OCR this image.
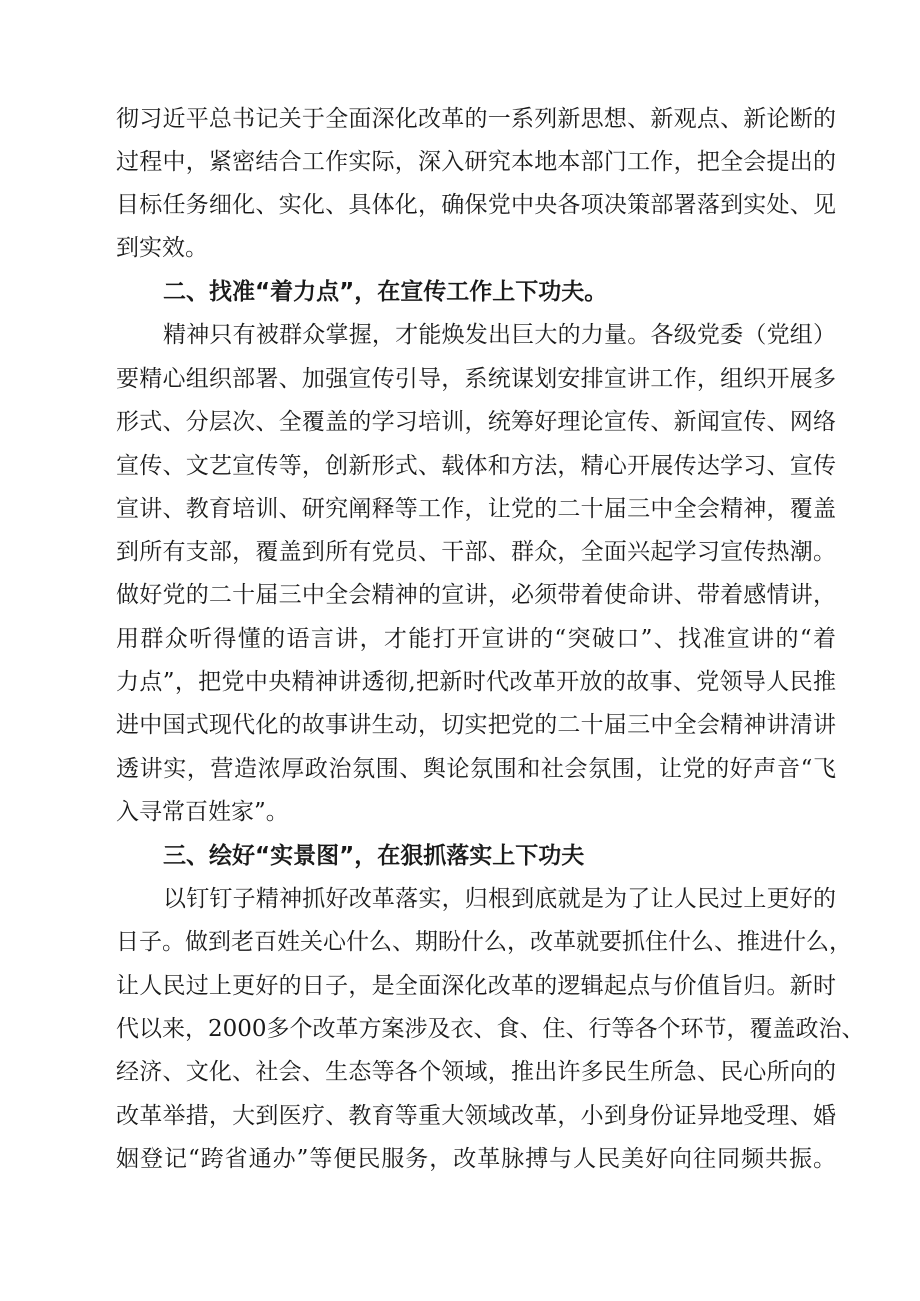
彻习近平总书记关于全面深化改革的一系列新思想、新观点、新论断的
过程中，紧密结合工作实际，深入研究本地本部门工作，把全会提出的
目标任务细化、实化、具体化，确保党中央各项决策部署落到实处、见
到实效。
二、找准“着力点”，在宣传工作上下功夫。
精神只有被群众掌握，才能焕发出巨大的力量。各级党委（党组）
要精心组织部署、加强宣传引导，系统谋划安排宣讲工作，组织开展多
形式、分层次、全覆盖的学习培训，统筹好理论宣传、新闻宣传、网络
宣传、文艺宣传等，创新形式、载体和方法，精心开展传达学习、宣传
宣讲、教育培训、研究阐释等工作，让党的二十届三中全会精神，覆盖
到所有支部，覆盖到所有党员、干部、群众，全面兴起学习宣传热潮。
做好党的二十届三中全会精神的宣讲，必须带着使命讲、带着感情讲，
用群众听得懂的语言讲，才能打开宣讲的“突破口”、找准宣讲的“着
力点”，把党中央精神讲透彻,把新时代改革开放的故事、党领导人民推
进中国式现代化的故事讲生动，切实把党的二十届三中全会精神讲清讲
透讲实，营造浓厚政治氛围、舆论氛围和社会氛围，让党的好声音“飞
入寻常百姓家”。
三、绘好“实景图”，在狠抓落实上下功夫
以钉钉子精神抓好改革落实，归根到底就是为了让人民过上更好的
日子。做到老百姓关心什么、期盼什么，改革就要抓住什么、推进什么，
让人民过上更好的日子，是全面深化改革的逻辑起点与价值旨归。新时
代以来，2000多个改革方案涉及衣、食、住、行等各个环节，覆盖政治、
经济、文化、社会、生态等各个领域，推出许多民生所急、民心所向的
改革举措，大到医疗、教育等重大领域改革，小到身份证异地受理、婚
姻登记“跨省通办”等便民服务，改革脉搏与人民美好向往同频共振。
